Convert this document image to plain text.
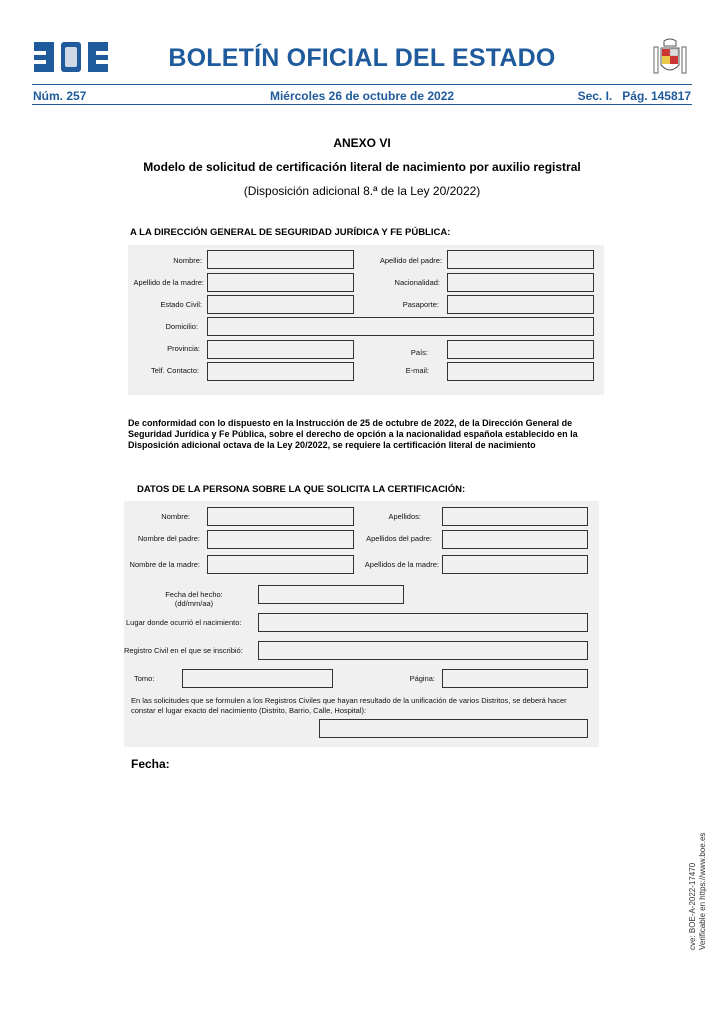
BOLETÍN OFICIAL DEL ESTADO
Núm. 257	Miércoles 26 de octubre de 2022	Sec. I.   Pág. 145817
ANEXO VI
Modelo de solicitud de certificación literal de nacimiento por auxilio registral
(Disposición adicional 8.ª de la Ley 20/2022)
A LA DIRECCIÓN GENERAL DE SEGURIDAD JURÍDICA Y FE PÚBLICA:
Nombre:	Apellido del padre:
Apellido de la madre:	Nacionalidad:
Estado Civil:	Pasaporte:
Domicilio:
Provincia:	País:
Telf. Contacto:	E-mail:
De conformidad con lo dispuesto en la Instrucción de 25 de octubre de 2022, de la Dirección General de Seguridad Jurídica y Fe Pública, sobre el derecho de opción a la nacionalidad española establecido en la Disposición adicional octava de la Ley 20/2022, se requiere la certificación literal de nacimiento
DATOS DE LA PERSONA SOBRE LA QUE SOLICITA LA CERTIFICACIÓN:
Nombre:	Apellidos:
Nombre del padre:	Apellidos del padre:
Nombre de la madre:	Apellidos de la madre:
Fecha del hecho:
(dd/mm/aa)
Lugar donde ocurrió el nacimiento:
Registro Civil en el que se inscribió:
Tomo:	Página:
En las solicitudes que se formulen a los Registros Civiles que hayan resultado de la unificación de varios Distritos, se deberá hacer constar el lugar exacto del nacimiento (Distrito, Barrio, Calle, Hospital):
Fecha:
cve: BOE-A-2022-17470 Verificable en https://www.boe.es
